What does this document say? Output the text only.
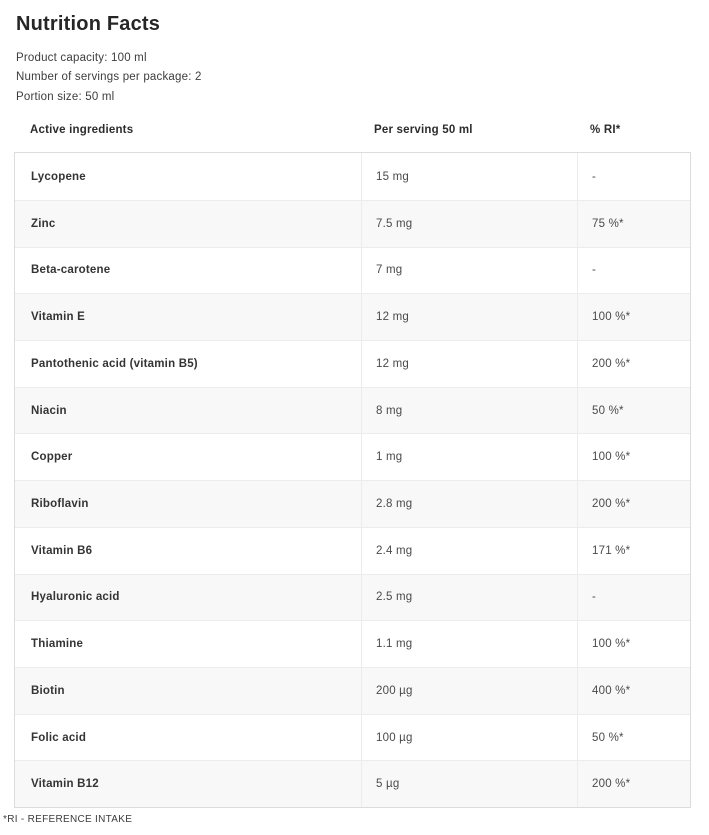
Nutrition Facts
Product capacity: 100 ml
Number of servings per package: 2
Portion size: 50 ml
Active ingredients	Per serving 50 ml	% RI*
Lycopene	15 mg	-
Zinc	7.5 mg	75 %*
Beta-carotene	7 mg	-
Vitamin E	12 mg	100 %*
Pantothenic acid (vitamin B5)	12 mg	200 %*
Niacin	8 mg	50 %*
Copper	1 mg	100 %*
Riboflavin	2.8 mg	200 %*
Vitamin B6	2.4 mg	171 %*
Hyaluronic acid	2.5 mg	-
Thiamine	1.1 mg	100 %*
Biotin	200 µg	400 %*
Folic acid	100 µg	50 %*
Vitamin B12	5 µg	200 %*
*RI - REFERENCE INTAKE
